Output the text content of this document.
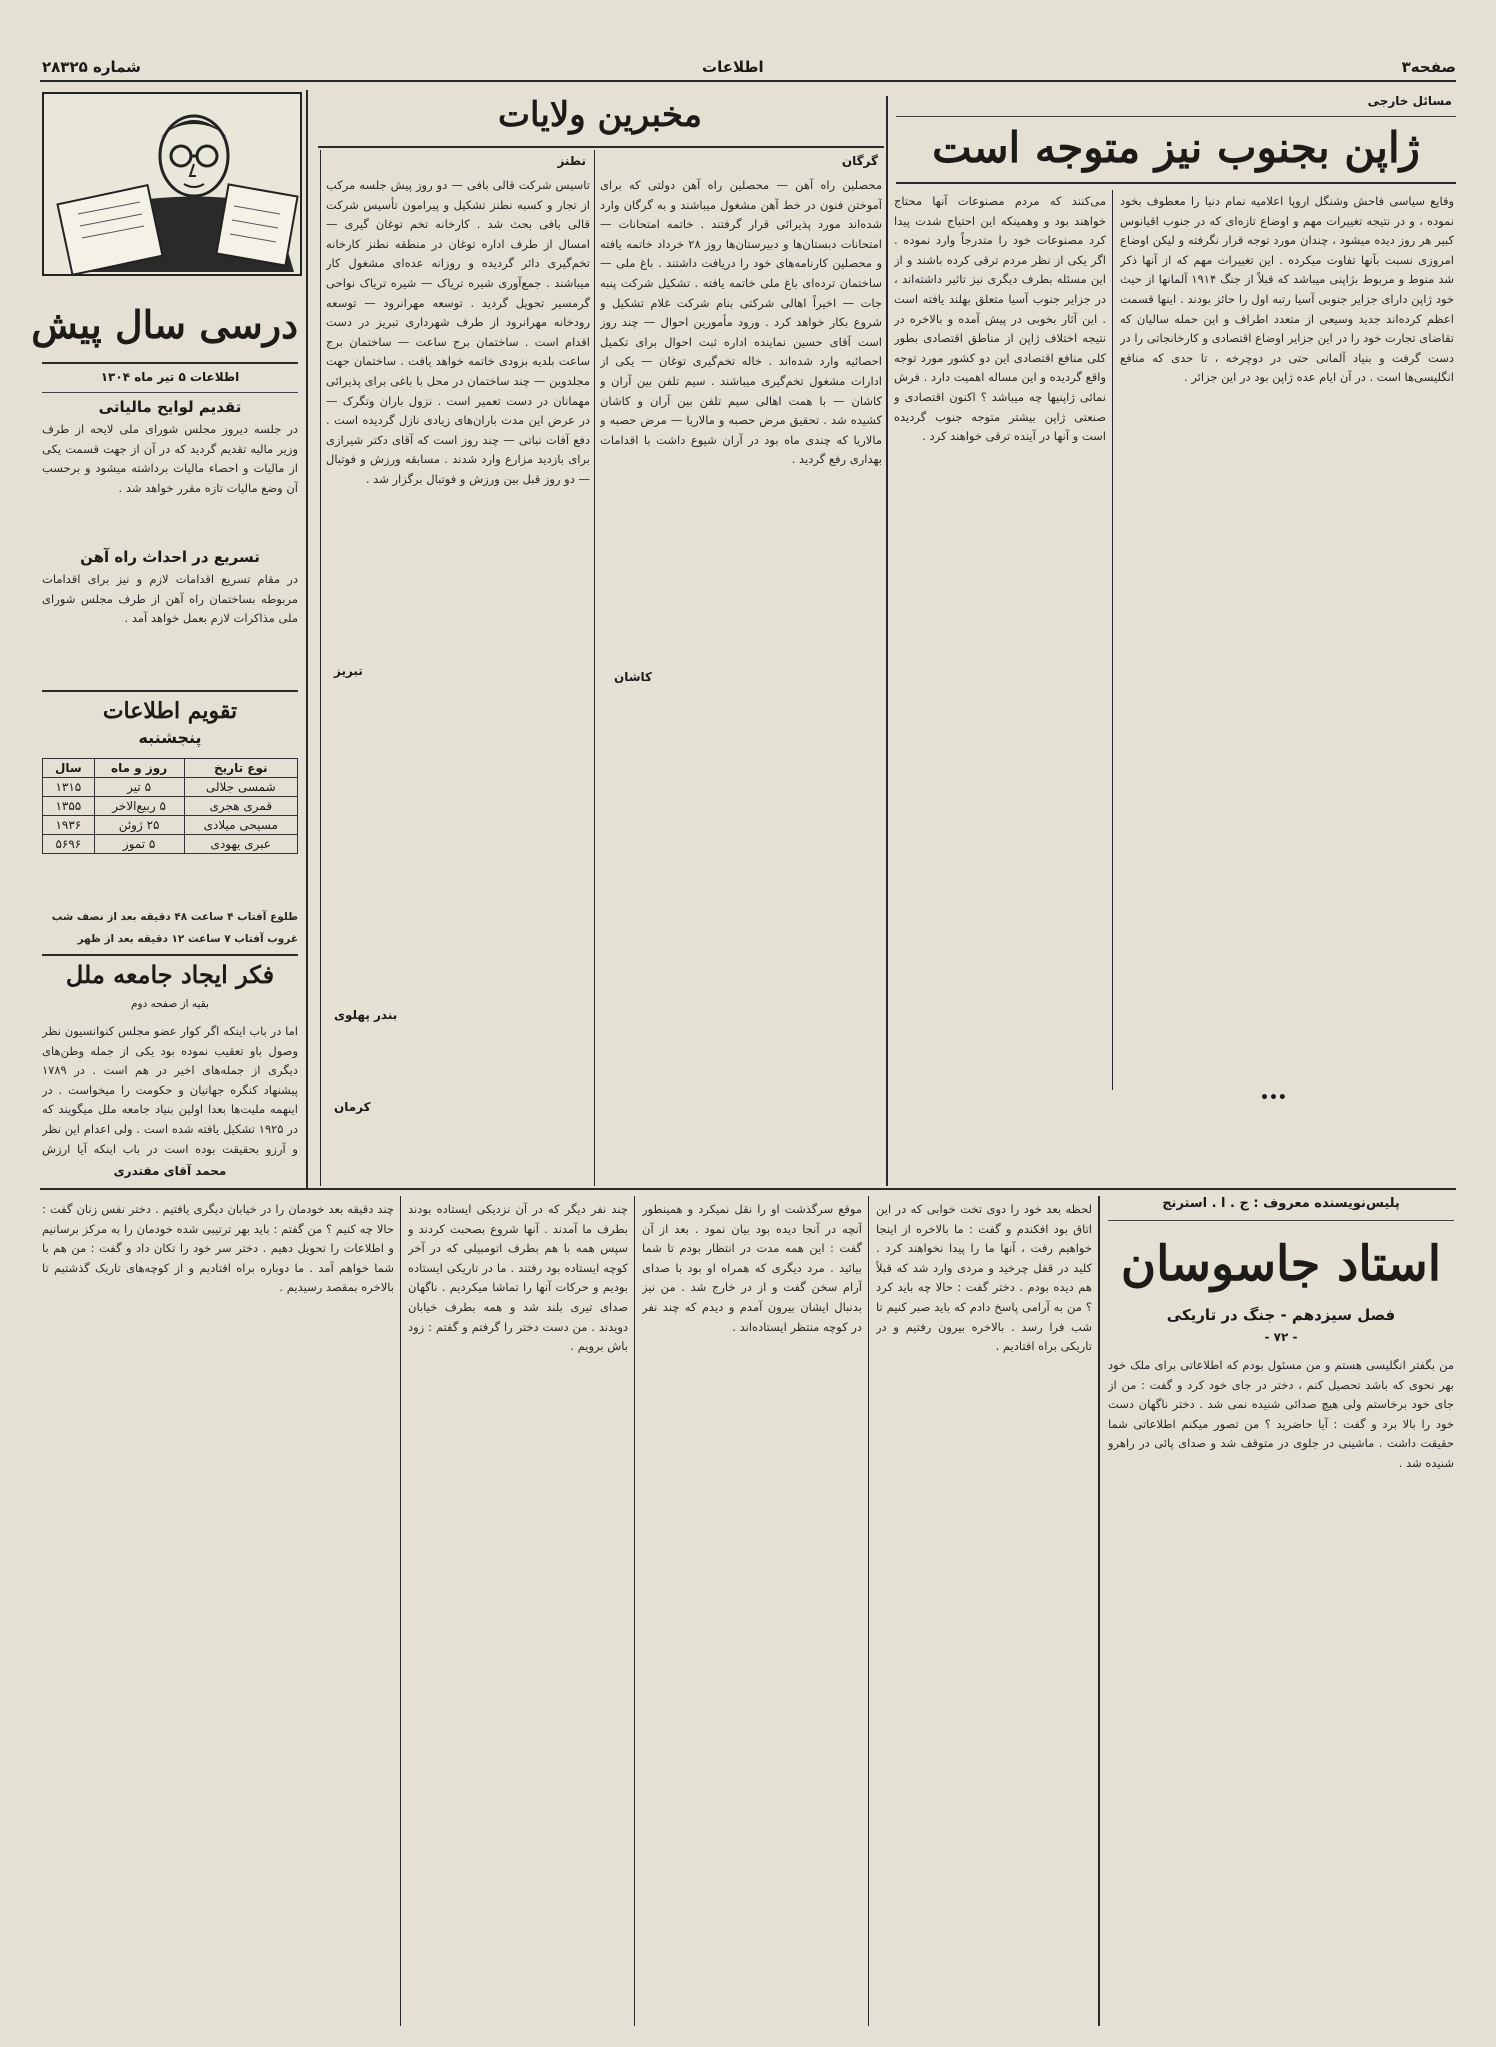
صفحه۳
اطلاعات
شماره ۲۸۳۲۵
مسائل خارجی
ژاپن بجنوب نیز متوجه است
وقایع سیاسی فاحش وشنگل اروپا اعلامیه نمام دنیا را معطوف بخود نموده ، و در نتیجه تغییرات مهم و اوضاع تازه‌ای که در جنوب اقیانوس کبیر هر روز دیده میشود ، چندان مورد توجه قرار نگرفته و لیکن اوضاع امروزی نسبت بآنها تفاوت میکرده . این تغییرات مهم که از آنها ذکر شد منوط و مربوط بژاپنی میباشد که قبلاً از جنگ ۱۹۱۴ آلمانها از حیث خود ژاپن دارای جزایر جنوبی آسیا رتبه اول را حائز بودند . اینها قسمت اعظم کرده‌اند جدید وسیعی از متعدد اطراف و این حمله سالیان که تقاضای تجارت خود را در این جزایر اوضاع اقتصادی و کارخانجاتی را در دست گرفت و بنیاد آلمانی حتی در دوچرخه ، تا حدی که منافع انگلیسی‌ها است . در آن ایام عده ژاپن بود در این جزائر .
می‌کنند که مردم مصنوعات آنها محتاج خواهند بود و وهمینکه این احتیاج شدت پیدا کرد مصنوعات خود را متدرجاً وارد نموده . اگر یکی از نظر مردم ترقی کرده باشند و از این مسئله بطرف دیگری نیز تاثیر داشته‌اند ، در جزایر جنوب آسیا متعلق بهلند یافته است . این آثار بخوبی در پیش آمده و بالاخره در نتیجه اختلاف ژاپن از مناطق اقتصادی بطور کلی منافع اقتصادی این دو کشور مورد توجه واقع گردیده و این مساله اهمیت دارد . فرش نمائی ژاپنیها چه میباشد ؟ اکنون اقتصادی و صنعتی ژاپن بیشتر متوجه جنوب گردیده است و آنها در آینده ترقی خواهند کرد .
•••
مخبرین ولایات
گرگان
نطنز
محصلین راه آهن — محصلین راه آهن دولتی که برای آموختن فنون در خط آهن مشغول میباشند و به گرگان وارد شده‌اند مورد پذیرائی قرار گرفتند . خاتمه امتحانات — امتحانات دبستان‌ها و دبیرستان‌ها روز ۲۸ خرداد خاتمه یافته و محصلین کارنامه‌های خود را دریافت داشتند . باغ ملی — ساختمان ترده‌ای باغ ملی خاتمه یافته . تشکیل شرکت پنبه جات — اخیراً اهالی شرکتی بنام شرکت غلام تشکیل و شروع بکار خواهد کرد . ورود مأمورین احوال — چند روز است آقای حسین نماینده اداره ثبت احوال برای تکمیل احصائیه وارد شده‌اند . خاله‌ تخم‌گیری توغان — یکی از ادارات مشغول تخم‌گیری میباشند . سیم تلفن بین آران و کاشان — با همت اهالی سیم تلفن بین آران و کاشان کشیده شد . تحقیق‌ مرض حصبه و مالاریا — مرض حصبه و مالاریا که چندی ماه بود در آران شیوع داشت با اقدامات بهداری رفع گردید .
تاسیس شرکت قالی بافی — دو روز پیش جلسه مرکب از تجار و کسبه نطنز تشکیل و پیرامون تأسیس شرکت قالی بافی بحث شد . کارخانه تخم توغان گیری — امسال از طرف اداره توغان در منطقه نطنز کارخانه تخم‌گیری دائر گردیده و روزانه عده‌ای مشغول کار میباشند . جمع‌آوری شیره تریاک — شیره تریاک نواحی گرمسیر تحویل گردید . توسعه مهرانرود — توسعه رودخانه مهرانرود از طرف شهرداری تبریز در دست اقدام است . ساختمان برج ساعت — ساختمان برج ساعت بلدیه بزودی خاتمه خواهد یافت . ساختمان جهت مجلدوین — چند ساختمان در محل با باغی برای پذیرائی مهمانان در دست تعمیر است . نزول باران وتگرک — در عرض این مدت باران‌های زیادی نازل گردیده است . دفع آفات نباتی — چند روز است که آقای دکتر شیرازی برای بازدید مزارع وارد شدند . مسابقه ورزش و فوتبال — دو روز قبل بین ورزش و فوتبال برگزار شد .
تبریز	کاشان
بندر پهلوی
کرمان
درسی سال پیش
اطلاعات ۵ تیر ماه ۱۳۰۴
تقدیم لوایح مالیاتی
در جلسه دیروز مجلس شورای ملی لایحه از طرف وزیر مالیه تقدیم گردید که در آن از جهت قسمت یکی از مالیات و احصاء مالیات برداشته میشود و برحسب آن وضع مالیات تازه مقرر خواهد شد .
تسریع در احداث راه آهن
در مقام تسریع اقدامات لازم و نیز برای اقدامات مربوطه بساختمان راه آهن از طرف مجلس شورای ملی مذاکرات لازم بعمل خواهد آمد .
تقویم اطلاعات
پنجشنبه
نوع تاریخ	روز و ماه	سال
شمسی جلالی	۵ تیر	۱۳۱۵
قمری هجری	۵ ربیع‌الاخر	۱۳۵۵
مسیحی میلادی	۲۵ ژوئن	۱۹۳۶
عبری یهودی	۵ تموز	۵۶۹۶
طلوع آفتاب ۴ ساعت ۴۸ دقیقه بعد از نصف شب
غروب آفتاب ۷ ساعت ۱۲ دقیقه بعد از ظهر
فکر ایجاد جامعه ملل
بقیه از صفحه دوم
اما در باب اینکه اگر کوار عضو مجلس کنوانسیون نظر وصول باو تعقیب نموده بود یکی از جمله وطن‌های دیگری از جمله‌های اخیر در هم است . در ۱۷۸۹ پیشنهاد کنگره جهانیان و حکومت را میخواست . در اینهمه ملیت‌ها بعدا اولین بنیاد جامعه ملل میگویند که در ۱۹۲۵ تشکیل یافته شده است . ولی اعدام این نظر و آرزو بحقیقت بوده است در باب اینکه آیا ارزش
محمد آقای مقتدری
پلیس‌نویسنده معروف : ج . ا . استرنج
استاد جاسوسان
فصل سیزدهم - جنگ در تاریکی
- ۷۲ -
من بگفتر انگلیسی هستم و من مسئول بودم که اطلاعاتی برای ملک خود بهر نحوی که باشد تحصیل کنم ، دختر در جای خود کرد و گفت : من از جای خود برخاستم ولی هیچ صدائی شنیده نمی شد . دختر ناگهان دست خود را بالا برد و گفت : آیا حاضرید ؟ من تصور میکنم اطلاعاتی شما حقیقت داشت . ماشینی در جلوی در متوقف شد و صدای پائی در راهرو شنیده شد .
لحظه بعد خود را دوی تخت خوابی که در این اتاق بود افکندم و گفت : ما بالاخره از اینجا خواهیم رفت ، آنها ما را پیدا نخواهند کرد . کلید در قفل چرخید و مردی وارد شد که قبلاً هم دیده بودم . دختر گفت : حالا چه باید کرد ؟ من به آرامی پاسخ دادم که باید صبر کنیم تا شب فرا رسد . بالاخره بیرون رفتیم و در تاریکی براه افتادیم .
موقع سرگذشت او را نقل نمیکرد و همینطور آنچه در آنجا دیده بود بیان نمود . بعد از آن گفت : این همه مدت در انتظار بودم تا شما بیائید . مرد دیگری که همراه او بود با صدای آرام سخن گفت و از در خارج شد . من نیز بدنبال ایشان بیرون آمدم و دیدم که چند نفر در کوچه منتظر ایستاده‌اند .
چند نفر دیگر که در آن نزدیکی ایستاده بودند بطرف ما آمدند . آنها شروع بصحبت کردند و سپس همه با هم بطرف اتومبیلی که در آخر کوچه ایستاده بود رفتند . ما در تاریکی ایستاده بودیم و حرکات آنها را تماشا میکردیم . ناگهان صدای تیری بلند شد و همه بطرف خیابان دویدند . من دست دختر را گرفتم و گفتم : زود باش برویم .
چند دقیقه بعد خودمان را در خیابان دیگری یافتیم . دختر نفس زنان گفت : حالا چه کنیم ؟ من گفتم : باید بهر ترتیبی شده خودمان را به مرکز برسانیم و اطلاعات را تحویل دهیم . دختر سر خود را تکان داد و گفت : من هم با شما خواهم آمد . ما دوباره براه افتادیم و از کوچه‌های تاریک گذشتیم تا بالاخره بمقصد رسیدیم .
